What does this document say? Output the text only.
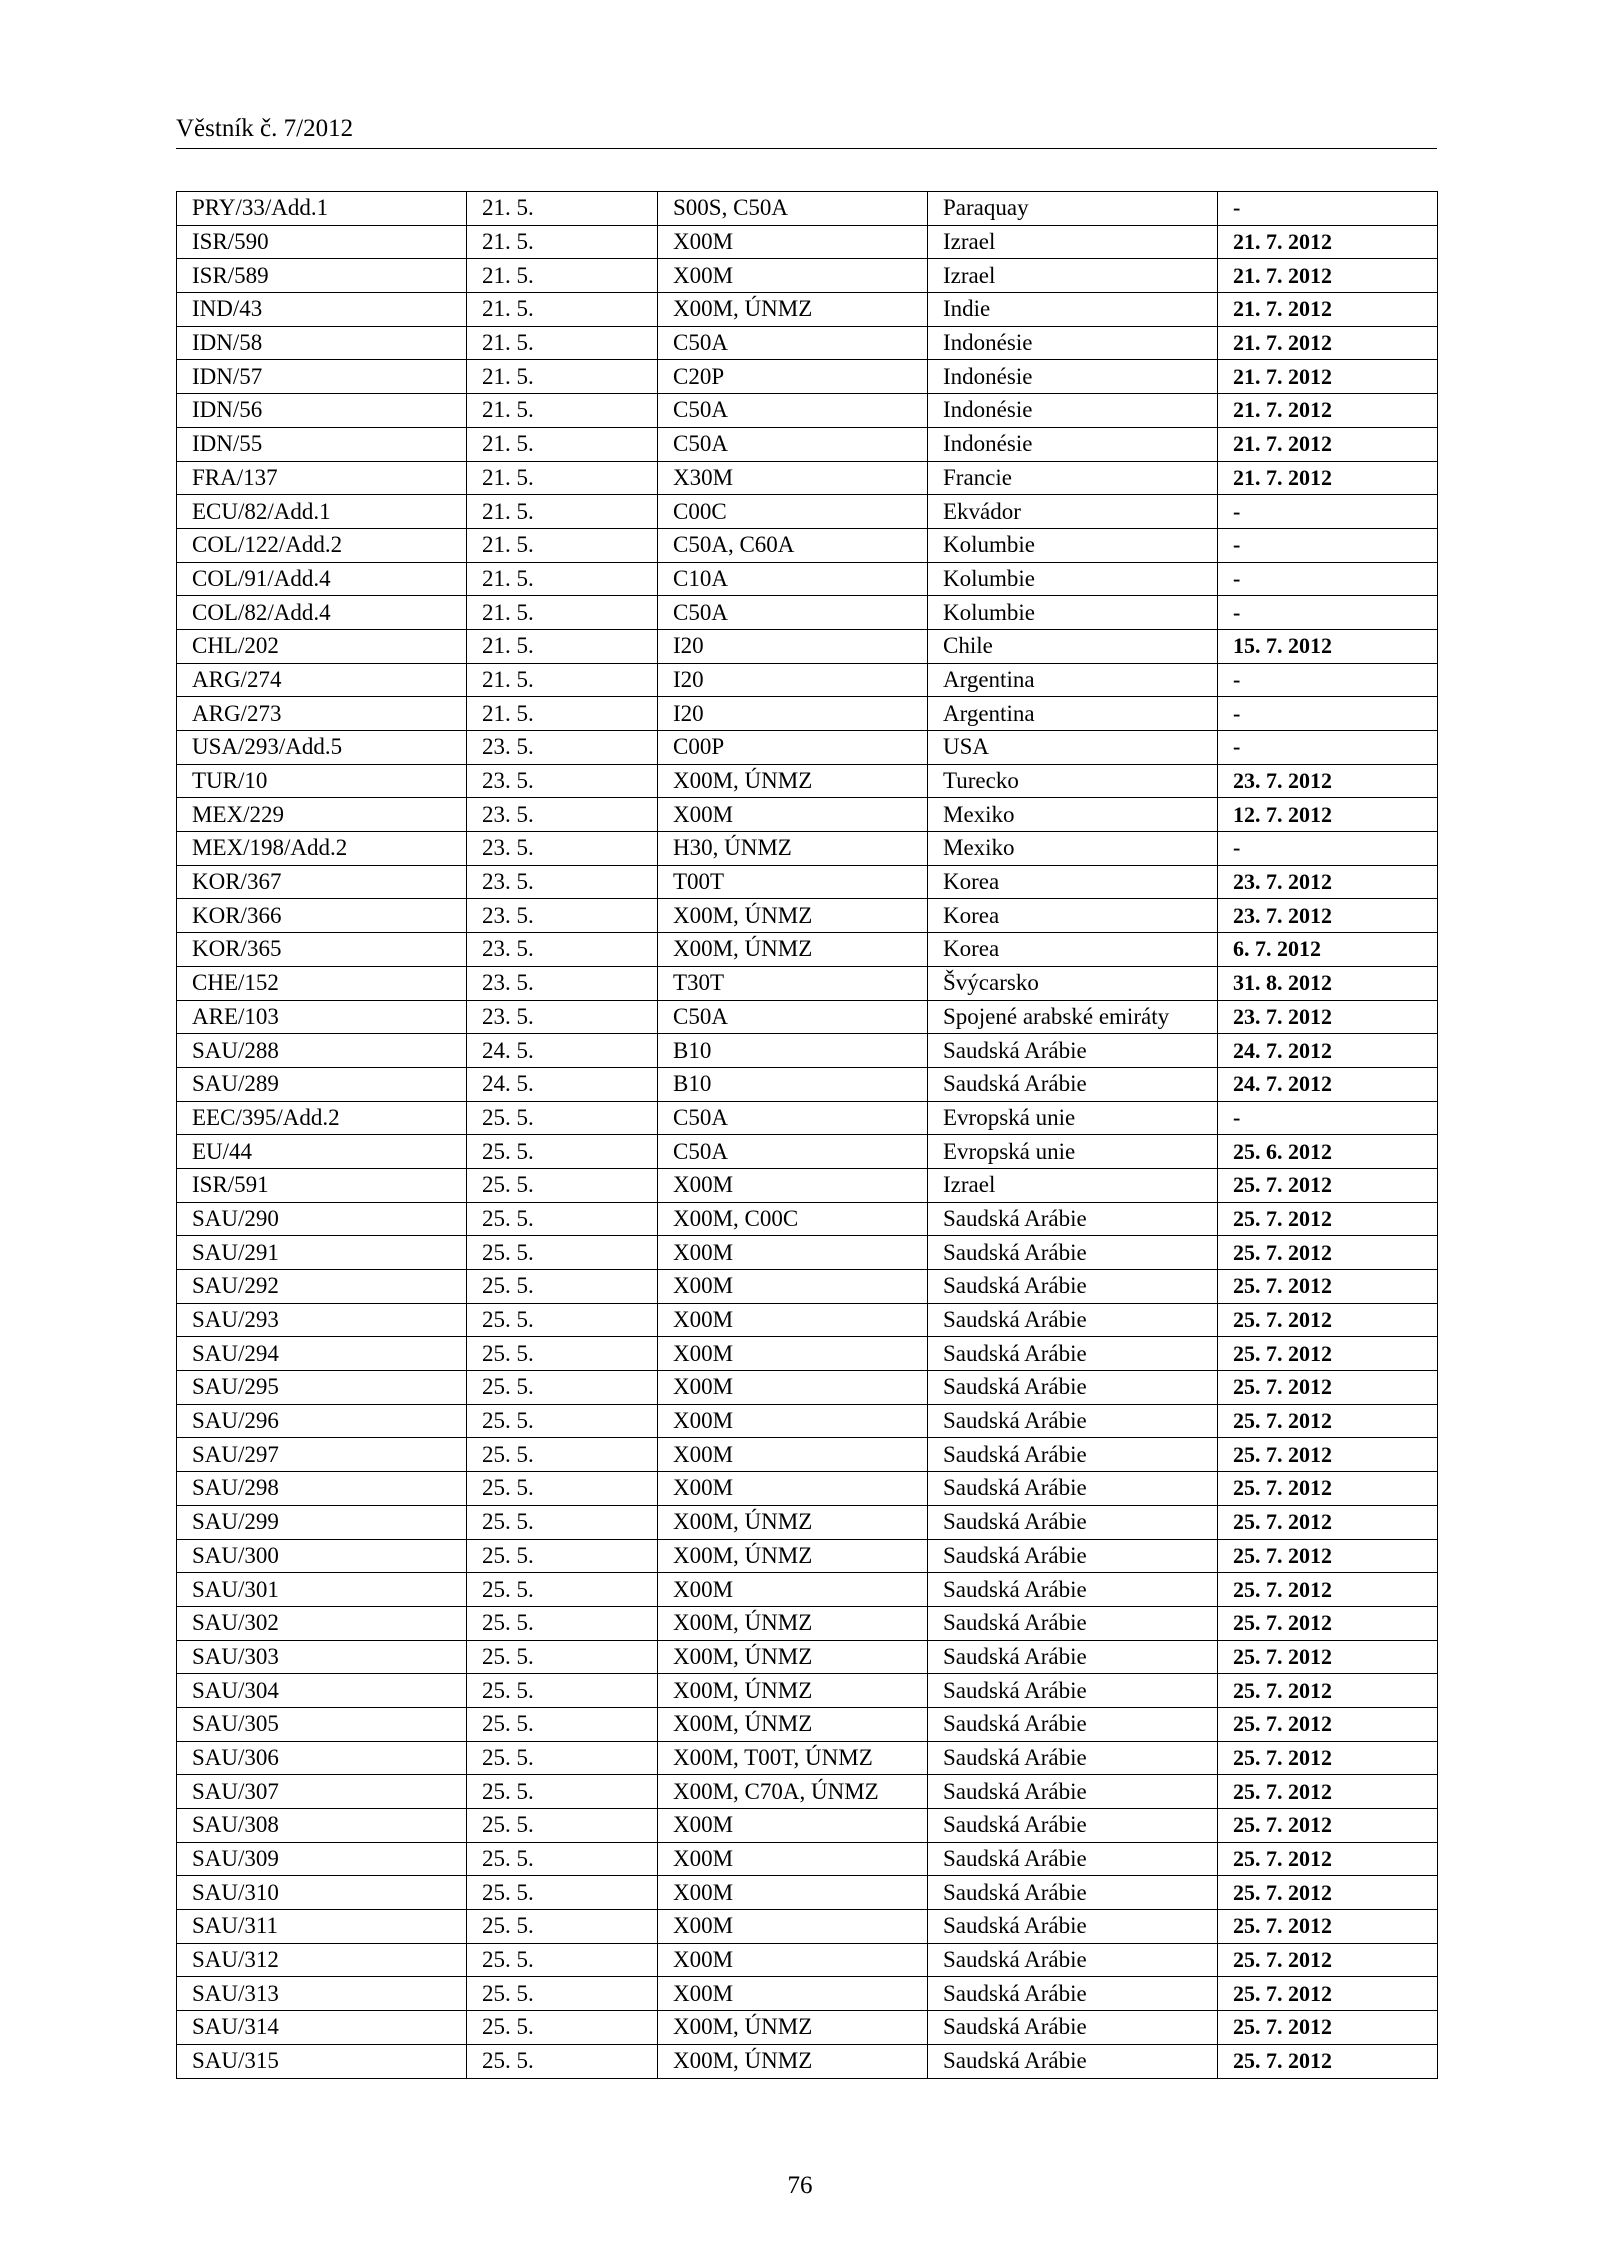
Věstník č. 7/2012
PRY/33/Add.1	21. 5.	S00S, C50A	Paraquay	-
ISR/590	21. 5.	X00M	Izrael	21. 7. 2012
ISR/589	21. 5.	X00M	Izrael	21. 7. 2012
IND/43	21. 5.	X00M, ÚNMZ	Indie	21. 7. 2012
IDN/58	21. 5.	C50A	Indonésie	21. 7. 2012
IDN/57	21. 5.	C20P	Indonésie	21. 7. 2012
IDN/56	21. 5.	C50A	Indonésie	21. 7. 2012
IDN/55	21. 5.	C50A	Indonésie	21. 7. 2012
FRA/137	21. 5.	X30M	Francie	21. 7. 2012
ECU/82/Add.1	21. 5.	C00C	Ekvádor	-
COL/122/Add.2	21. 5.	C50A, C60A	Kolumbie	-
COL/91/Add.4	21. 5.	C10A	Kolumbie	-
COL/82/Add.4	21. 5.	C50A	Kolumbie	-
CHL/202	21. 5.	I20	Chile	15. 7. 2012
ARG/274	21. 5.	I20	Argentina	-
ARG/273	21. 5.	I20	Argentina	-
USA/293/Add.5	23. 5.	C00P	USA	-
TUR/10	23. 5.	X00M, ÚNMZ	Turecko	23. 7. 2012
MEX/229	23. 5.	X00M	Mexiko	12. 7. 2012
MEX/198/Add.2	23. 5.	H30, ÚNMZ	Mexiko	-
KOR/367	23. 5.	T00T	Korea	23. 7. 2012
KOR/366	23. 5.	X00M, ÚNMZ	Korea	23. 7. 2012
KOR/365	23. 5.	X00M, ÚNMZ	Korea	6. 7. 2012
CHE/152	23. 5.	T30T	Švýcarsko	31. 8. 2012
ARE/103	23. 5.	C50A	Spojené arabské emiráty	23. 7. 2012
SAU/288	24. 5.	B10	Saudská Arábie	24. 7. 2012
SAU/289	24. 5.	B10	Saudská Arábie	24. 7. 2012
EEC/395/Add.2	25. 5.	C50A	Evropská unie	-
EU/44	25. 5.	C50A	Evropská unie	25. 6. 2012
ISR/591	25. 5.	X00M	Izrael	25. 7. 2012
SAU/290	25. 5.	X00M, C00C	Saudská Arábie	25. 7. 2012
SAU/291	25. 5.	X00M	Saudská Arábie	25. 7. 2012
SAU/292	25. 5.	X00M	Saudská Arábie	25. 7. 2012
SAU/293	25. 5.	X00M	Saudská Arábie	25. 7. 2012
SAU/294	25. 5.	X00M	Saudská Arábie	25. 7. 2012
SAU/295	25. 5.	X00M	Saudská Arábie	25. 7. 2012
SAU/296	25. 5.	X00M	Saudská Arábie	25. 7. 2012
SAU/297	25. 5.	X00M	Saudská Arábie	25. 7. 2012
SAU/298	25. 5.	X00M	Saudská Arábie	25. 7. 2012
SAU/299	25. 5.	X00M, ÚNMZ	Saudská Arábie	25. 7. 2012
SAU/300	25. 5.	X00M, ÚNMZ	Saudská Arábie	25. 7. 2012
SAU/301	25. 5.	X00M	Saudská Arábie	25. 7. 2012
SAU/302	25. 5.	X00M, ÚNMZ	Saudská Arábie	25. 7. 2012
SAU/303	25. 5.	X00M, ÚNMZ	Saudská Arábie	25. 7. 2012
SAU/304	25. 5.	X00M, ÚNMZ	Saudská Arábie	25. 7. 2012
SAU/305	25. 5.	X00M, ÚNMZ	Saudská Arábie	25. 7. 2012
SAU/306	25. 5.	X00M, T00T, ÚNMZ	Saudská Arábie	25. 7. 2012
SAU/307	25. 5.	X00M, C70A, ÚNMZ	Saudská Arábie	25. 7. 2012
SAU/308	25. 5.	X00M	Saudská Arábie	25. 7. 2012
SAU/309	25. 5.	X00M	Saudská Arábie	25. 7. 2012
SAU/310	25. 5.	X00M	Saudská Arábie	25. 7. 2012
SAU/311	25. 5.	X00M	Saudská Arábie	25. 7. 2012
SAU/312	25. 5.	X00M	Saudská Arábie	25. 7. 2012
SAU/313	25. 5.	X00M	Saudská Arábie	25. 7. 2012
SAU/314	25. 5.	X00M, ÚNMZ	Saudská Arábie	25. 7. 2012
SAU/315	25. 5.	X00M, ÚNMZ	Saudská Arábie	25. 7. 2012
76
